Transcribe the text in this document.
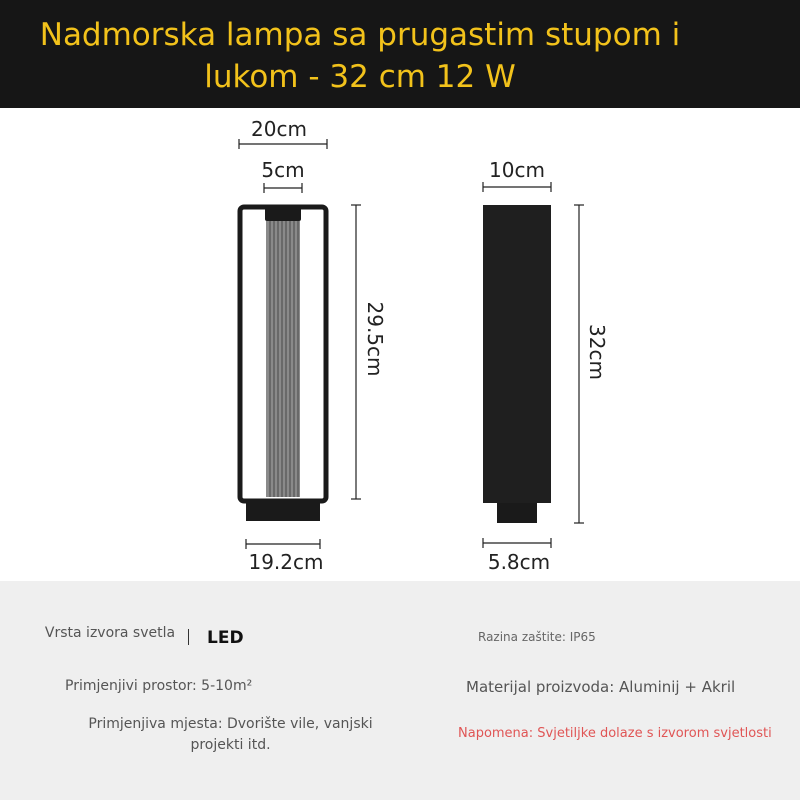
Nadmorska lampa sa prugastim stupom i lukom - 32 cm 12 W
20cm
5cm
29.5cm
19.2cm
10cm
32cm
5.8cm
Vrsta izvora svetla LED	Razina zaštite: IP65
Primjenjivi prostor: 5-10m²	Materijal proizvoda: Aluminij + Akril
Primjenjiva mjesta: Dvorište vile, vanjski projekti itd.
Napomena: Svjetiljke dolaze s izvorom svjetlosti
